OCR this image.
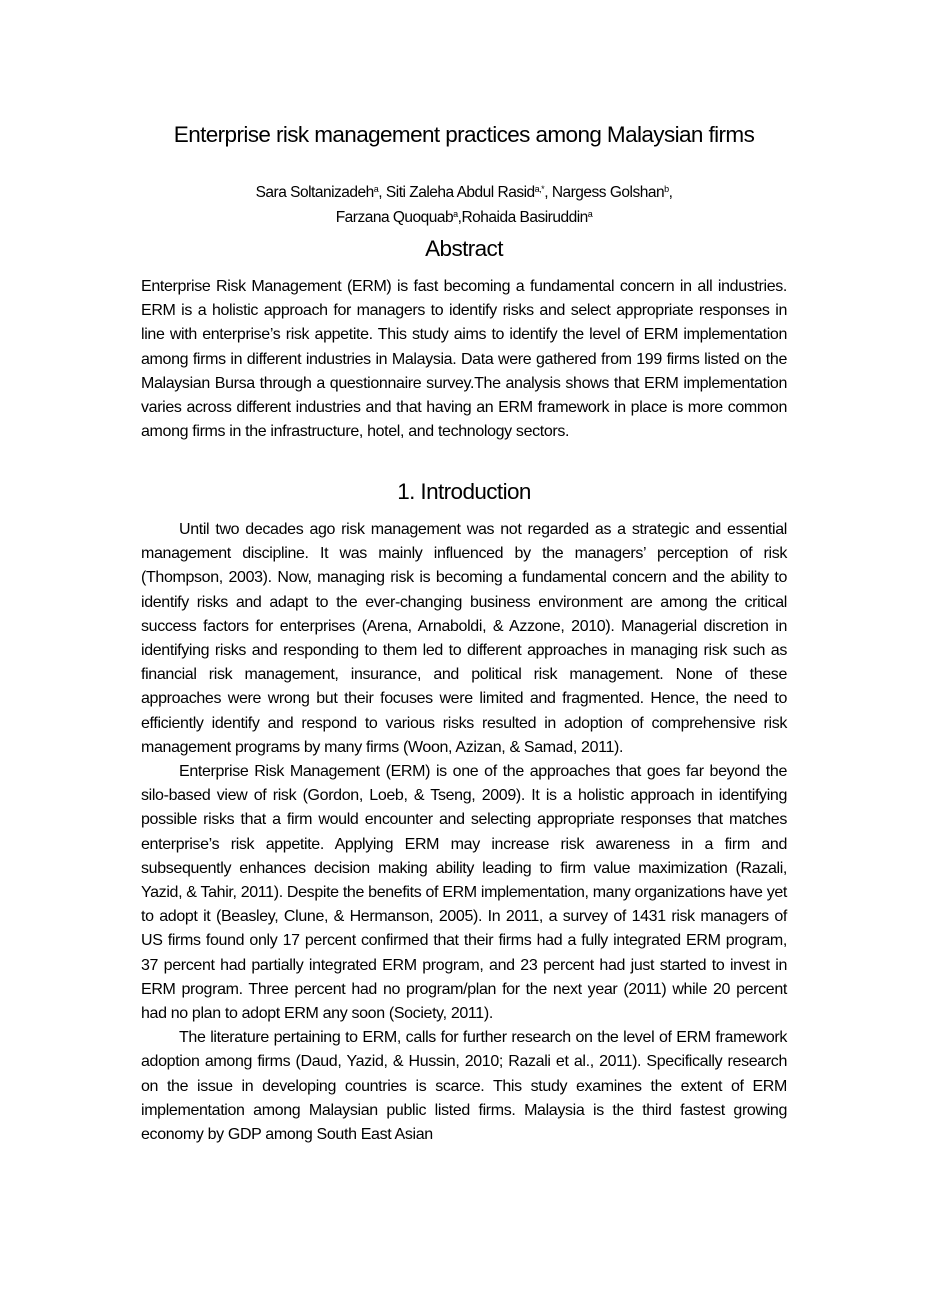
Enterprise risk management practices among Malaysian firms
Sara Soltanizadeh$^a$, Siti Zaleha Abdul Rasid$^{a,*}$, Nargess Golshan$^b$,
Farzana Quoquab$^a$,Rohaida Basiruddin$^a$
Abstract

Enterprise Risk Management (ERM) is fast becoming a fundamental concern in all industries. ERM is a holistic approach for managers to identify risks and select appropriate responses in line with enterprise’s risk appetite. This study aims to identify the level of ERM implementation among firms in different industries in Malaysia. Data were gathered from 199 firms listed on the Malaysian Bursa through a questionnaire survey.The analysis shows that ERM implementation varies across different industries and that having an ERM framework in place is more common among firms in the infrastructure, hotel, and technology sectors.

1. Introduction

Until two decades ago risk management was not regarded as a strategic and essential management discipline. It was mainly influenced by the managers’ perception of risk (Thompson, 2003). Now, managing risk is becoming a fundamental concern and the ability to identify risks and adapt to the ever-changing business environment are among the critical success factors for enterprises (Arena, Arnaboldi, & Azzone, 2010). Managerial discretion in identifying risks and responding to them led to different approaches in managing risk such as financial risk management, insurance, and political risk management. None of these approaches were wrong but their focuses were limited and fragmented. Hence, the need to efficiently identify and respond to various risks resulted in adoption of comprehensive risk management programs by many firms (Woon, Azizan, & Samad, 2011).

Enterprise Risk Management (ERM) is one of the approaches that goes far beyond the silo-based view of risk (Gordon, Loeb, & Tseng, 2009). It is a holistic approach in identifying possible risks that a firm would encounter and selecting appropriate responses that matches enterprise’s risk appetite. Applying ERM may increase risk awareness in a firm and subsequently enhances decision making ability leading to firm value maximization (Razali, Yazid, & Tahir, 2011). Despite the benefits of ERM implementation, many organizations have yet to adopt it (Beasley, Clune, & Hermanson, 2005). In 2011, a survey of 1431 risk managers of US firms found only 17 percent confirmed that their firms had a fully integrated ERM program, 37 percent had partially integrated ERM program, and 23 percent had just started to invest in ERM program. Three percent had no program/plan for the next year (2011) while 20 percent had no plan to adopt ERM any soon (Society, 2011).

The literature pertaining to ERM, calls for further research on the level of ERM framework adoption among firms (Daud, Yazid, & Hussin, 2010; Razali et al., 2011). Specifically research on the issue in developing countries is scarce. This study examines the extent of ERM implementation among Malaysian public listed firms. Malaysia is the third fastest growing economy by GDP among South East Asian
